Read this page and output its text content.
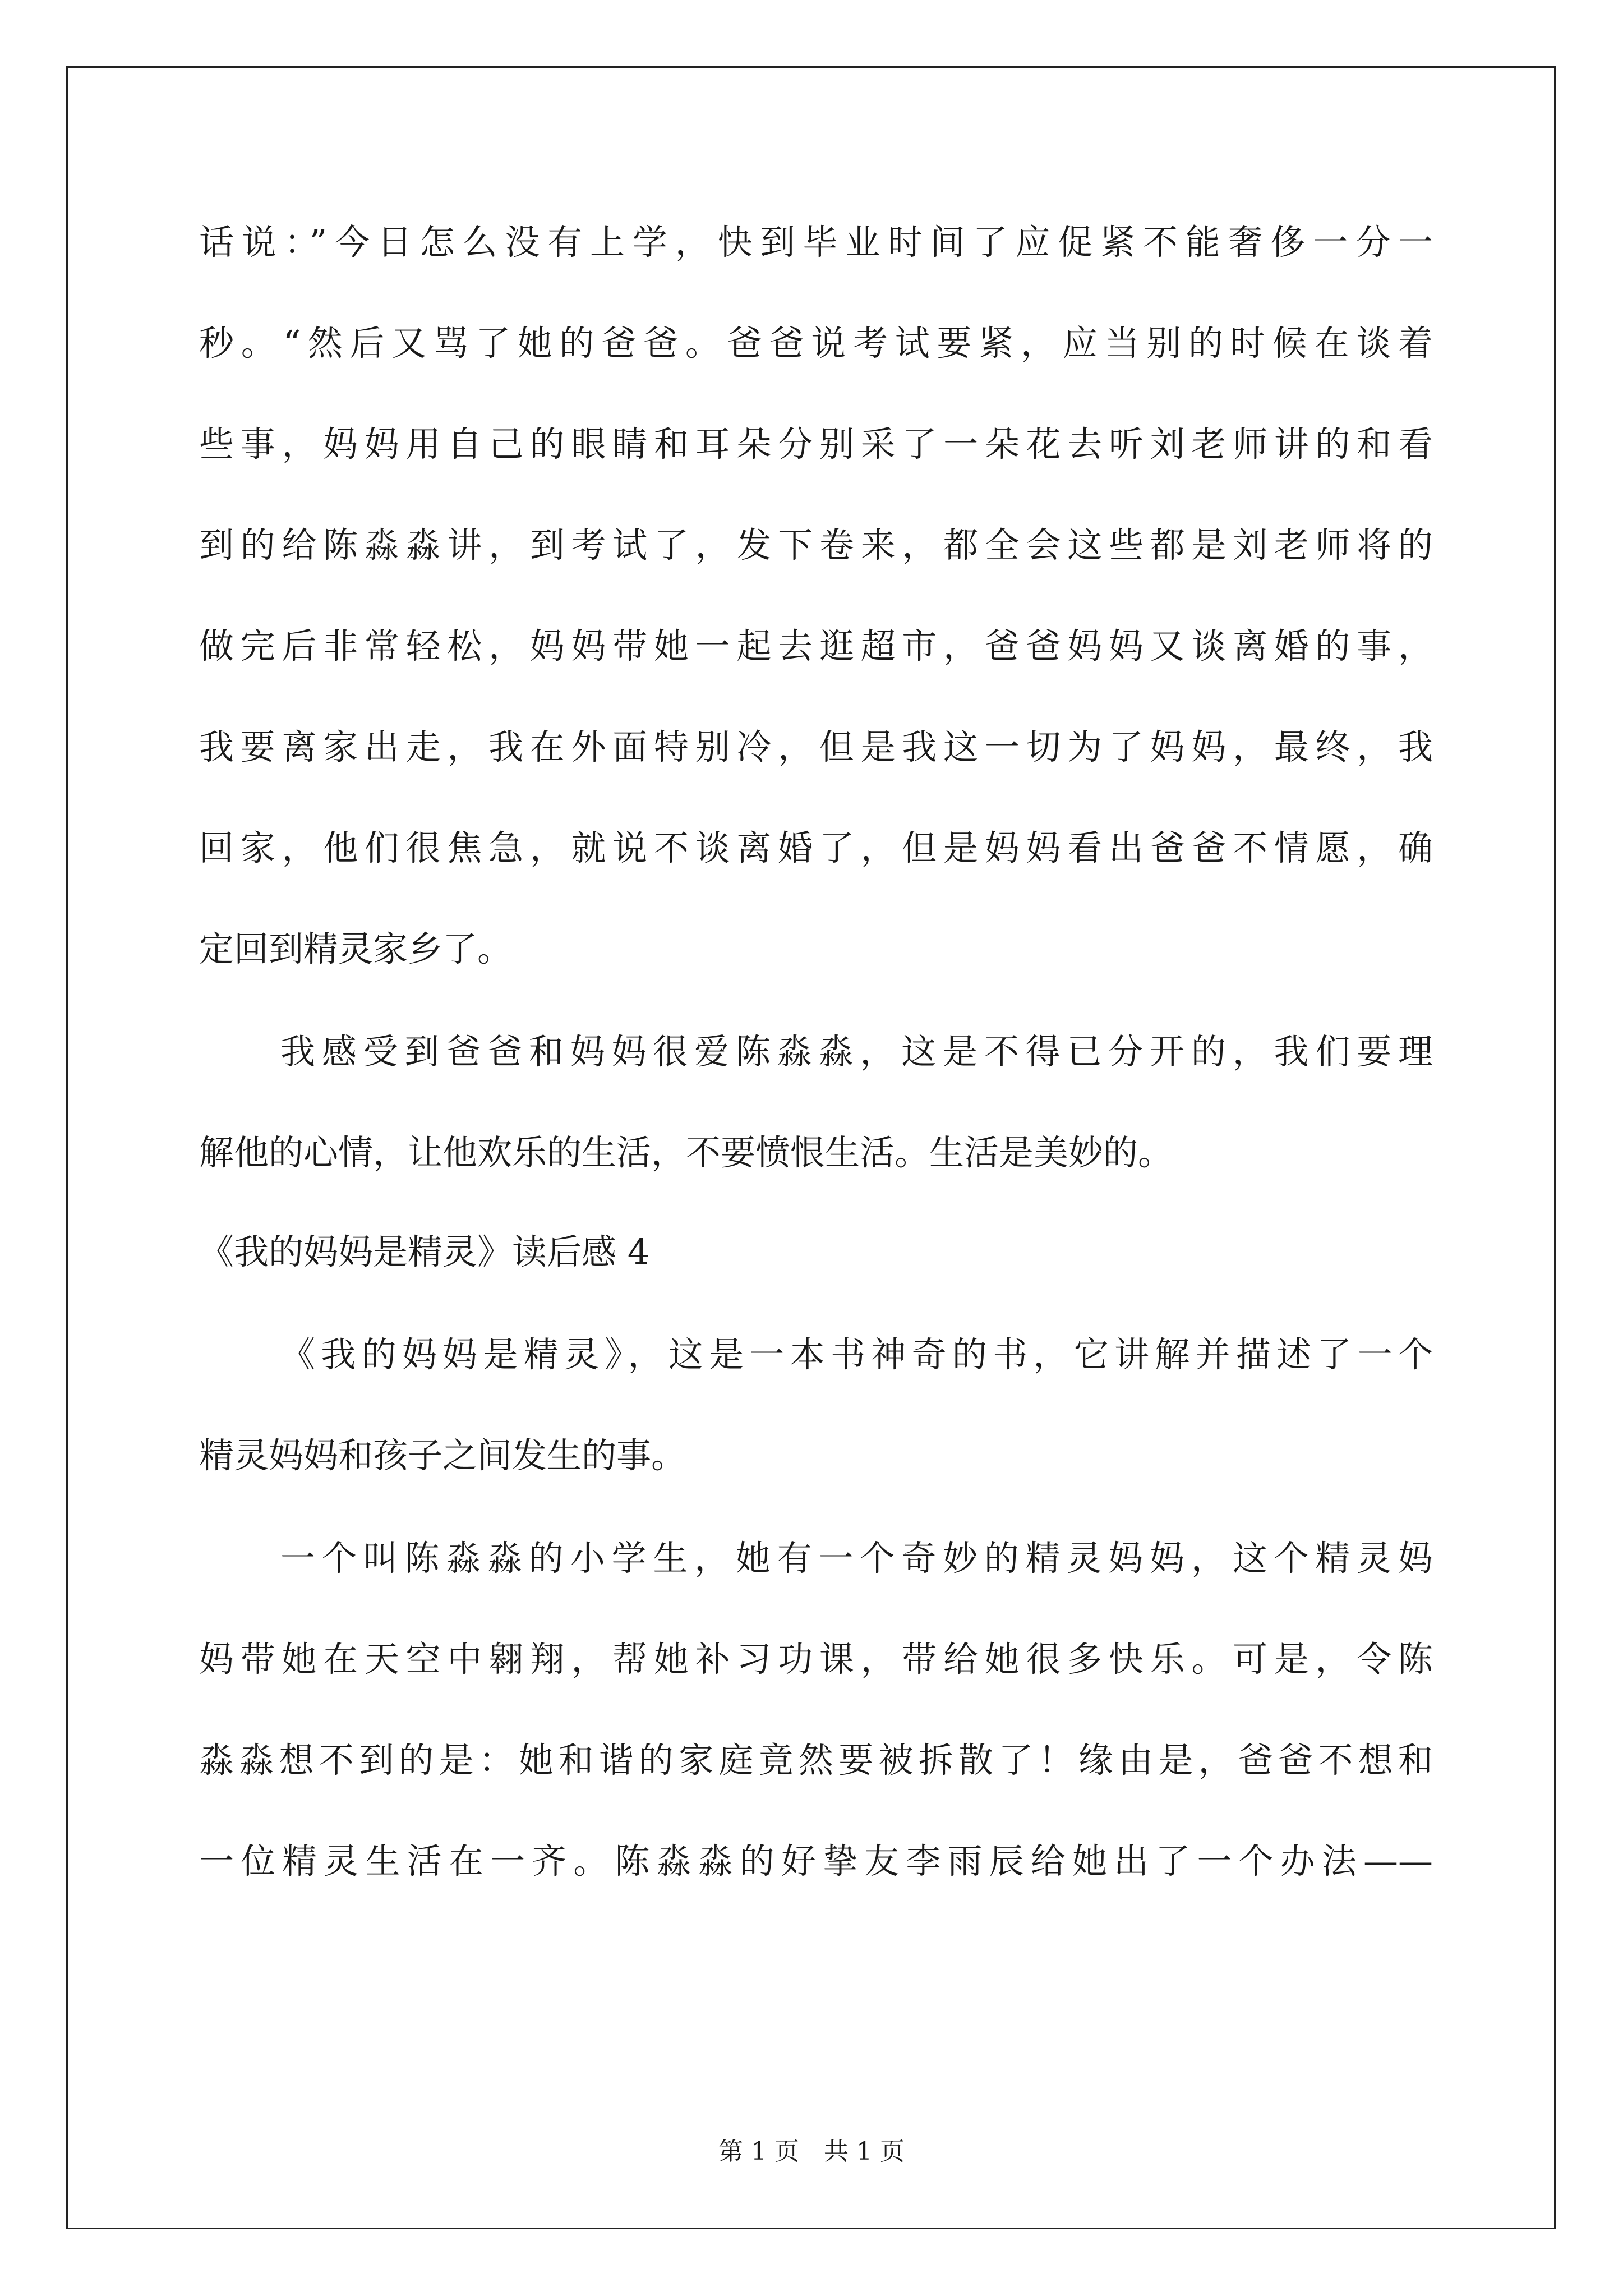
话说：”今日怎么没有上学，快到毕业时间了应促紧不能奢侈一分一
秒。“然后又骂了她的爸爸。爸爸说考试要紧，应当别的时候在谈着
些事，妈妈用自己的眼睛和耳朵分别采了一朵花去听刘老师讲的和看
到的给陈淼淼讲，到考试了，发下卷来，都全会这些都是刘老师将的
做完后非常轻松，妈妈带她一起去逛超市，爸爸妈妈又谈离婚的事，
我要离家出走，我在外面特别冷，但是我这一切为了妈妈，最终，我
回家，他们很焦急，就说不谈离婚了，但是妈妈看出爸爸不情愿，确
定回到精灵家乡了。
我感受到爸爸和妈妈很爱陈淼淼，这是不得已分开的，我们要理
解他的心情，让他欢乐的生活，不要愤恨生活。生活是美妙的。
《我的妈妈是精灵》读后感 4
《我的妈妈是精灵》，这是一本书神奇的书，它讲解并描述了一个
精灵妈妈和孩子之间发生的事。
一个叫陈淼淼的小学生，她有一个奇妙的精灵妈妈，这个精灵妈
妈带她在天空中翱翔，帮她补习功课，带给她很多快乐。可是，令陈
淼淼想不到的是：她和谐的家庭竟然要被拆散了！缘由是，爸爸不想和
一位精灵生活在一齐。陈淼淼的好挚友李雨辰给她出了一个办法——
第 1 页　共 1 页
